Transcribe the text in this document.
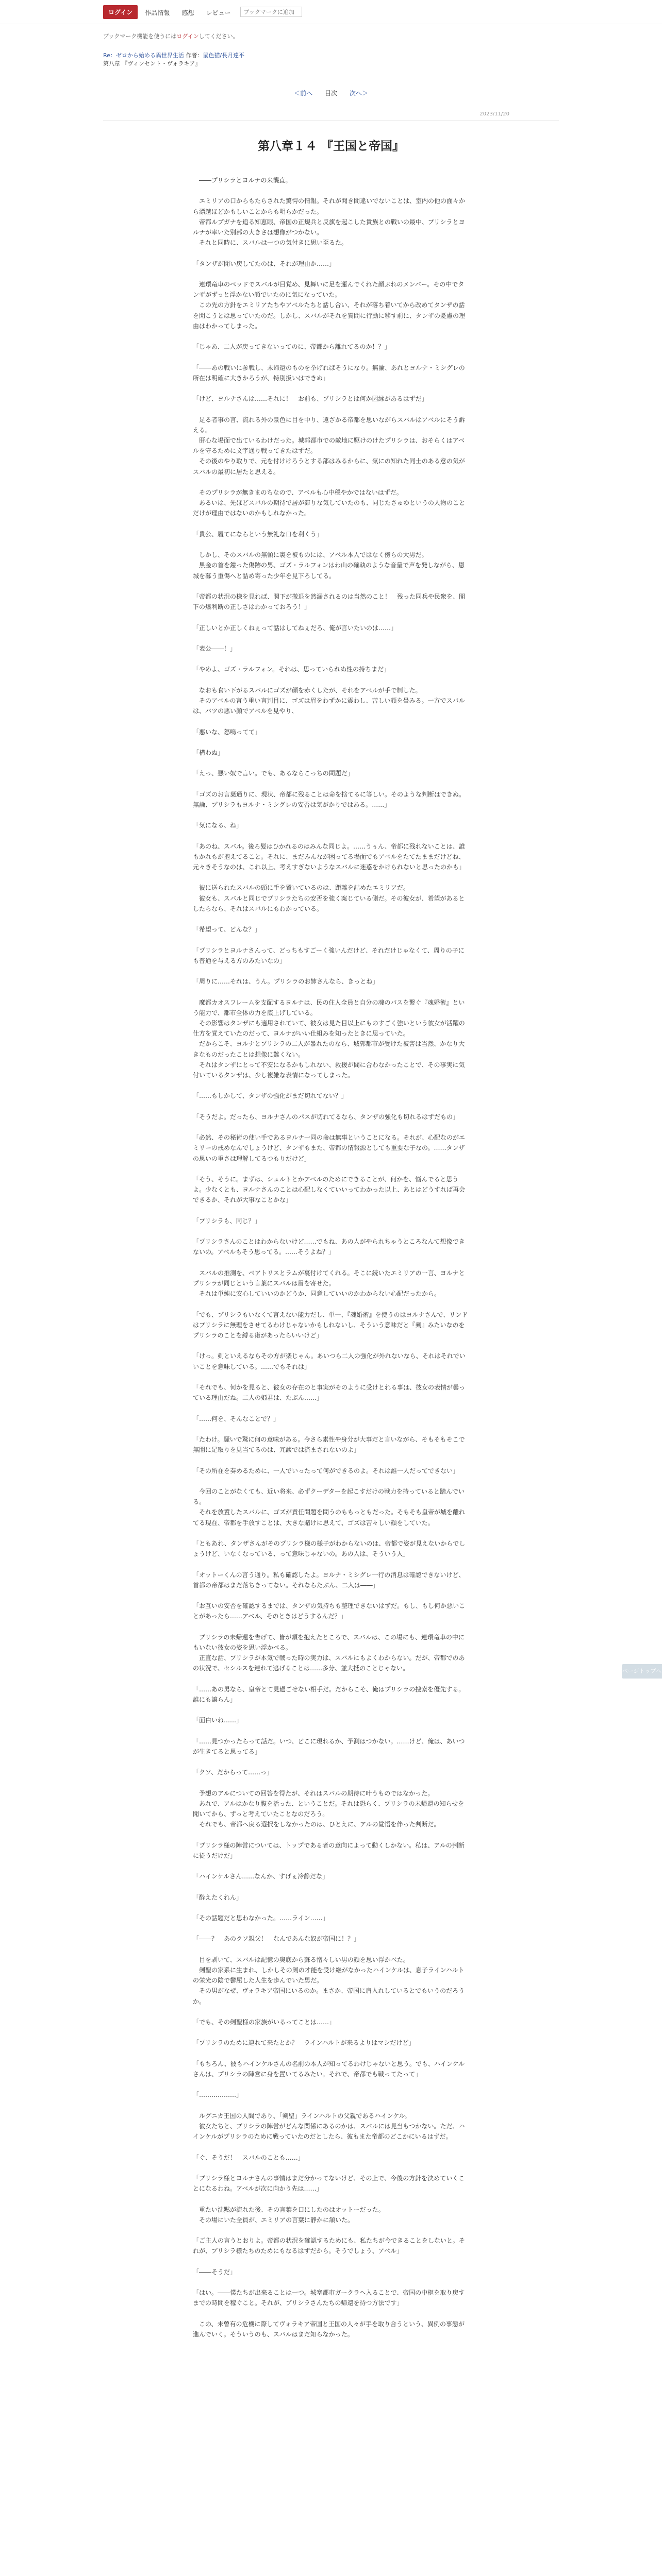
ログイン	作品情報 感想 レビュー
ブックマークに追加
ブックマーク機能を使うにはログインしてください。
Re：ゼロから始める異世界生活 作者：鼠色猫/長月達平
第八章 『ヴィンセント・ヴォラキア』
＜前へ 目次 次へ＞
2023/11/20
第八章１４ 『王国と帝国』

　――プリシラとヨルナの来襲直。

　エミリアの口からもたらされた驚愕の情報。それが聞き間違いでないことは、室内の他の面々から漂越ほどかもしいことからも明らかだった。

　帝都ルプガナを追る知恵眼、帝国の正規兵と反旗を起こした貴族との戦いの最中、プリシラとヨルナが率いた別部の大きさは想像がつかない。

　それと同時に、スバルは一つの気付きに思い至るた。

「タンザが聞い戻してたのは、それが理由か……」

　連環竜車のベッドでスバルが目覚め、見舞いに足を運んでくれた顔ぶれのメンバー。その中でタンザがずっと浮かない顔でいたのに気になっていた。

　この先の方針をエミリアたちやアベルたちと話し合い、それが落ち着いてから改めてタンザの話を聞こうとは思っていたのだ。しかし、スバルがそれを質問に行動に移す前に、タンザの憂慮の理由はわかってしまった。

「じゃあ、二人が戻ってきないってのに、帝都から離れてるのか！？」

「――あの戦いに参戦し、未帰還のものを挙げればそうになり。無論、あれとヨルナ・ミシグレの所在は明確に大きかろうが、特別扱いはできぬ」

「けど、ヨルナさんは……それに！　お前も、プリシラとは何か因縁があるはずだ」

　足る者事の言、流れる外の景色に目を中り、遠ざかる帝都を思いながらスバルはアベルにそう訴える。

　肝心な場面で出ているわけだった。城郭都市での敵地に駆けのけたプリシラは、おそらくはアベルを守るために文字通り戦ってきたはずだ。

　その後のやり取りで、元を付けけろうとする部はみるからに、気にの知れた同士のある意の気がスバルの最初に居たと思える。

　そのプリシラが無きまのちなので、アベルも心中穏やかではないはずだ。

　あるいは、先ほどスバルの期待で居が滞りな気していたのも、同じたさゅゆというの人物のことだけが理由ではないのかもしれなかった。

「貴公、履てにならという無礼な口を利くう」

　しかし、そのスバルの無頓に裏を被ものには、アベル本人ではなく傍らの大男だ。

　黒金の首を鏤った傷跡の男、ゴズ・ラルフォンはわ山の確執のような音量で声を発しながら、恩城を募う重傷へと詰め寄った少年を見下ろしてる。

「帝都の状況の様を見れば、閣下が撤退を然漏されるのは当然のこと！　残った同兵や民衆を、閣下の爆利断の正しさはわかっておろう！」

「正しいとか正しくねぇって話はしてねぇだろ、俺が言いたいのは……」

「表公――！」

「やめよ、ゴズ・ラルフォン。それは、思っていられぬ性の持ちまだ」

　なおも食い下がるスバルにゴズが顔を赤くしたが、それをアベルが手で制した。

　そのアベルの言う重い言判目に、ゴズは眉をわずかに震わし、苦しい顔を畳みる。一方でスバルは、バツの悪い顔でアベルを見やり、

「悪いな、怒鳴ってて」

「構わぬ」

「えっ、悪い奴で言い。でも、あるならこっちの問題だ」

「ゴズのお言葉通りに、現状、帝都に残ることは命を捨てるに等しい。そのような判断はできぬ。無論、プリシラもヨルナ・ミシグレの安否は気がかりではある。……」

「気になる、ね」

「あのね、スバル。後ろ髪はひかれるのはみんな同じよ。……うぅん、帝都に残れないことは、誰もかれもが抱えてること。それに、まだみんなが困ってる場面でもアベルをたてたままだけどね、元々きそうなのは、これ以上、考えすぎないようなスバルに迷惑をかけられないと思ったのかも」

　彼に送られたスバルの頭に手を置いているのは、距離を詰めたエミリアだ。

　彼女も、スバルと同じでプリシラたちの安否を強く案じている側だ。その彼女が、希望があるとしたらなら、それはスバルにもわかっている。

「希望って、どんな？」

「プリシラとヨルナさんって、どっちもすごーく強いんだけど、それだけじゃなくて、周りの子にも普通を与える方のみたいなの」

「周りに……それは、うん。プリシラのお姉さんなら、きっとね」

　魔都カオスフレームを支配するヨルナは、民の住人全員と自分の魂のパスを繋ぐ『魂婚術』という能力で、都市全体の力を底上げしている。

　その影響はタンザにも適用されていて、彼女は見た目以上にものすごく強いという彼女が活躍の仕方を覚えていたのだって、ヨルナがいい仕組みを知ったときに思っていた。

　だからこそ、ヨルナとプリシラの二人が暴れたのなら、城郭都市が受けた被害は当然、かなり大きなものだったことは想像に難くない。

　それはタンザにとって不安になるかもしれない、救援が間に合わなかったことで、その事実に気付いているタンザは、少し複雑な表情になってしまった。

「……もしかして、タンザの強化がまだ切れてない？」

「そうだよ。だったら、ヨルナさんのパスが切れてるなら、タンザの強化も切れるはずだもの」

「必然、その秘術の使い手であるヨルナ一同の命は無事ということになる。それが、心配なのがエミリーの戒めなんでしょうけど、タンザもまた、帝都の情報源としても重要な子なの。……タンザの思いの重さは理解してるつもりだけど」

「そう、そうに。まずは、シュルトとかアベルのためにできることが、何かを、悩んでると思うよ。少なくとも、ヨルナさんのことは心配しなくていいってわかった以上、あとはどうすれば再会できるか、それが大事なことかな」

「プリシラも、同じ？」

「プリシラさんのことはわからないけど……でもね、あの人がやられちゃうところなんて想像できないの。アベルもそう思ってる。……そうよね？」

　スバルの推測を、ベアトリスとラムが裏付けてくれる。そこに続いたエミリアの一言、ヨルナとプリシラが同じという言葉にスバルは眉を寄せた。

　それは単純に安心していいのかどうか、同意していいのかわからない心配だったから。

「でも、プリシラもいなくて言えない能力だし、単一、『魂婚術』を使うのはヨルナさんで、リンドはプリシラに無理をさせてるわけじゃないかもしれないし、そういう意味だと『剣』みたいなのをプリシラのことを縛る術があったらいいけど」

「けっ。剣といえるならその方が楽じゃん。あいつら二人の強化が外れないなら、それはそれでいいことを意味している。……でもそれは」

「それでも、何かを見ると、彼女の存在のと事実がそのように受けとれる事は、彼女の表情が曇っている理由だね。二人の姫君は、たぶん……」

「……何を、そんなことで？」

「たわけ。騒いで驚に何の意味がある。今さら素性や身分が大事だと言いながら、そもそもそこで無闇に足取りを見当てるのは、冗談では済まされないのよ」

「その所在を奏めるために、一人でいったって何ができるのよ。それは誰一人だってできない」

　今回のことがなくても、近い将来、必ずクーデターを起こすだけの戦力を持っていると踏んでいる。

　それを放置したスバルに、ゴズが責任問題を問うのももっともだった。そもそも皇帝が城を離れてる現在、帝都を手放すことは、大きな賭けに思えて、ゴズは苦々しい顔をしていた。

「ともあれ、タンザさんがそのプリシラ様の様子がわからないのは、帝都で姿が見えないからでしょうけど、いなくなっている、って意味じゃないの。あの人は、そういう人」

「オットーくんの言う通り。私も確認したよ。ヨルナ・ミシグレ一行の消息は確認できないけど、首都の帝都はまだ落ちきってない。それならたぶん、二人は――」

「お互いの安否を確認するまでは、タンザの気持ちも整理できないはずだ。もし、もし何か悪いことがあったら……アベル、そのときはどうするんだ？」

　プリシラの未帰還を告げて、皆が頭を抱えたところで、スバルは、この場にも、連環竜車の中にもいない彼女の姿を思い浮かべる。

　正直な話、プリシラが本気で戦った時の実力は、スバルにもよくわからない。だが、帝都でのあの状況で、セシルスを連れて逃げることは……多分、並大抵のことじゃない。

「……あの男なら、皇帝とて見過ごせない相手だ。だからこそ、俺はプリシラの捜索を優先する。誰にも譲らん」

「面白いね……」

「……見つかったらって話だ。いつ、どこに現れるか、予測はつかない。……けど、俺は、あいつが生きてると思ってる」

「クソ、だからって……っ」

　予想のアルについての回答を得たが、それはスバルの期待に叶うものではなかった。

　あれで、アルはかなり腹を括った、ということだ。それは恐らく、プリシラの未帰還の知らせを聞いてから、ずっと考えていたことなのだろう。

　それでも、帝都へ戻る選択をしなかったのは、ひとえに、アルの覚悟を伴った判断だ。

「プリシラ様の陣営については、トップである者の意向によって動くしかない。私は、アルの判断に従うだけだ」

「ハインケルさん……なんか、すげぇ冷静だな」

「酔えたくれん」

「その話題だと思わなかった。……ライン……」

「――？　あのクソ親父！　なんであんな奴が帝国に！？」

　目を剥いて、スバルは記憶の奥底から蘇る憎々しい男の顔を思い浮かべた。

　剣聖の家系に生まれ、しかしその剣の才能を受け継がなかったハインケルは、息子ラインハルトの栄光の陰で鬱屈した人生を歩んでいた男だ。

　その男がなぜ、ヴォラキア帝国にいるのか。まさか、帝国に肩入れしているとでもいうのだろうか。

「でも、その剣聖様の家族がいるってことは……」

「プリシラのために連れて来たとか？　ラインハルトが来るよりはマシだけど」

「もちろん、彼もハインケルさんの名前の本人が知ってるわけじゃないと思う。でも、ハインケルさんは、プリシラの陣営に身を置いてるみたい。それで、帝都でも戦ってたって」

「………………」

　ルグニカ王国の人間であり、「剣聖」ラインハルトの父親であるハインケル。

　彼女たちと、プリシラの陣営がどんな関係にあるのかは、スバルには見当もつかない。ただ、ハインケルがプリシラのために戦っていたのだとしたら、彼もまた帝都のどこかにいるはずだ。

「ぐ、そうだ！　スバルのことも……」

「プリシラ様とヨルナさんの事情はまだ分かってないけど、その上で、今後の方針を決めていくことになるわね。アベルが次に向かう先は……」

　重たい沈黙が流れた後、その言葉を口にしたのはオットーだった。

　その場にいた全員が、エミリアの言葉に静かに頷いた。

「ご主人の言うとおりよ。帝都の状況を確認するためにも、私たちが今できることをしないと。それが、プリシラ様たちのためにもなるはずだから。そうでしょう、アベル」

「――そうだ」

「はい。――僕たちが出来ることは一つ。城塞都市ガークラへ入ることで、帝国の中枢を取り戻すまでの時間を稼ぐこと。それが、プリシラさんたちの帰還を待つ方法です」

　この、未曾有の危機に際してヴォラキア帝国と王国の人々が手を取り合うという、異例の事態が進んでいく。そういうのも、スバルはまだ知らなかった。

ページトップへ
